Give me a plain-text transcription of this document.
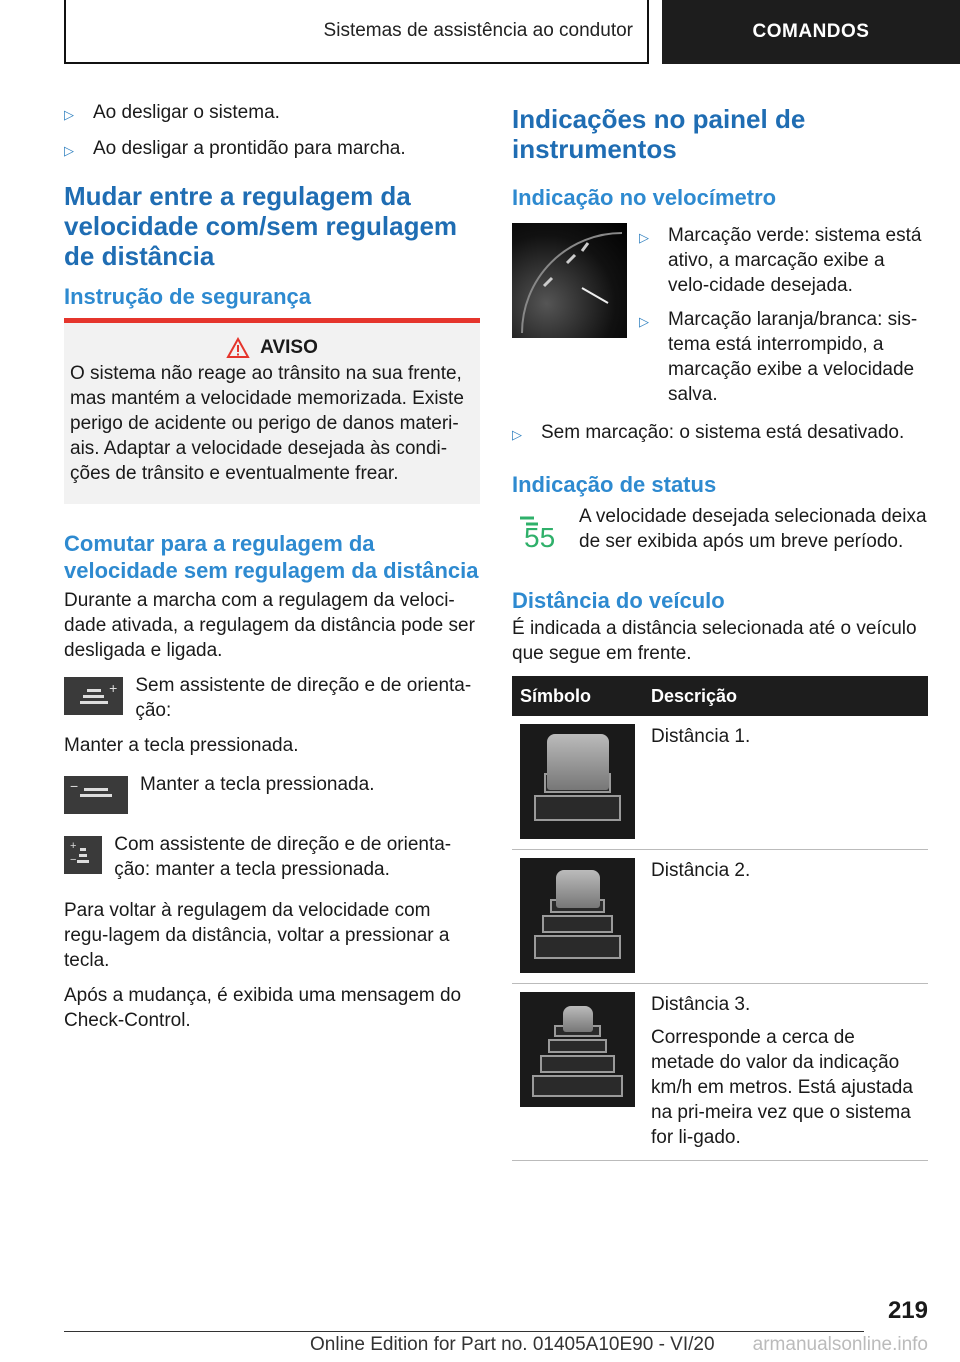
Sistemas de assistência ao condutor	COMANDOS
▷	Ao desligar o sistema.
▷	Ao desligar a prontidão para marcha.
Mudar entre a regulagem da velocidade com/sem regulagem de distância
Instrução de segurança
AVISO

O sistema não reage ao trânsito na sua frente, mas mantém a velocidade memorizada. Existe perigo de acidente ou perigo de danos materi-ais. Adaptar a velocidade desejada às condi-ções de trânsito e eventualmente frear.

Comutar para a regulagem da velocidade sem regulagem da distância

Durante a marcha com a regulagem da veloci-dade ativada, a regulagem da distância pode ser desligada e ligada.

+ Sem assistente de direção e de orienta-ção:

Manter a tecla pressionada.

−	Manter a tecla pressionada.

+
−

Com assistente de direção e de orienta-ção: manter a tecla pressionada.

Para voltar à regulagem da velocidade com regu-lagem da distância, voltar a pressionar a tecla.

Após a mudança, é exibida uma mensagem do Check-Control.

Indicações no painel de instrumentos
Indicação no velocímetro
▷	Marcação verde: sistema está ativo, a marcação exibe a velo-cidade desejada.
▷	Marcação laranja/branca: sis-tema está interrompido, a marcação exibe a velocidade salva.
▷	Sem marcação: o sistema está desativado.
Indicação de status
55

A velocidade desejada selecionada deixa de ser exibida após um breve período.

Distância do veículo

É indicada a distância selecionada até o veículo que segue em frente.

Símbolo	Descrição

	Distância 1.

	Distância 2.

	Distância 3.

Corresponde a cerca de metade do valor da indicação km/h em metros. Está ajustada na pri-meira vez que o sistema for li-gado.

219
Online Edition for Part no. 01405A10E90 - VI/20 armanualsonline.info
